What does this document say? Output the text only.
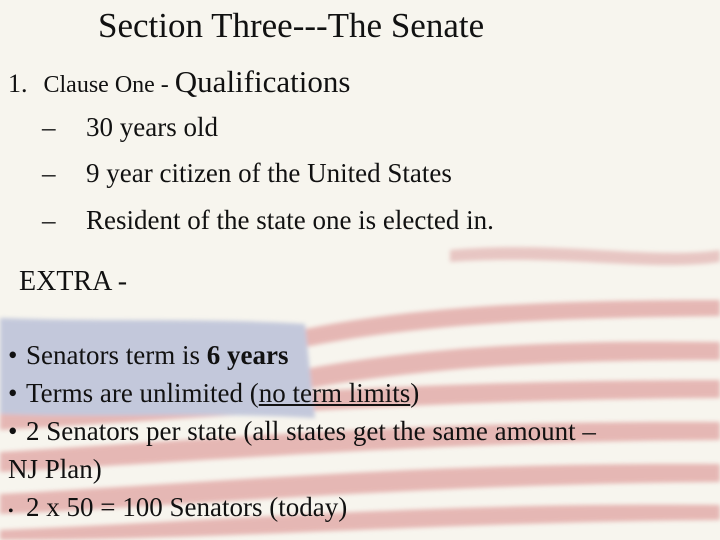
Section Three---The Senate
1. Clause One - Qualifications
– 30 years old
– 9 year citizen of the United States
– Resident of the state one is elected in.
EXTRA -
• Senators term is 6 years
• Terms are unlimited (no term limits)
• 2 Senators per state (all states get the same amount –
NJ Plan)
• 2 x 50 = 100 Senators (today)
